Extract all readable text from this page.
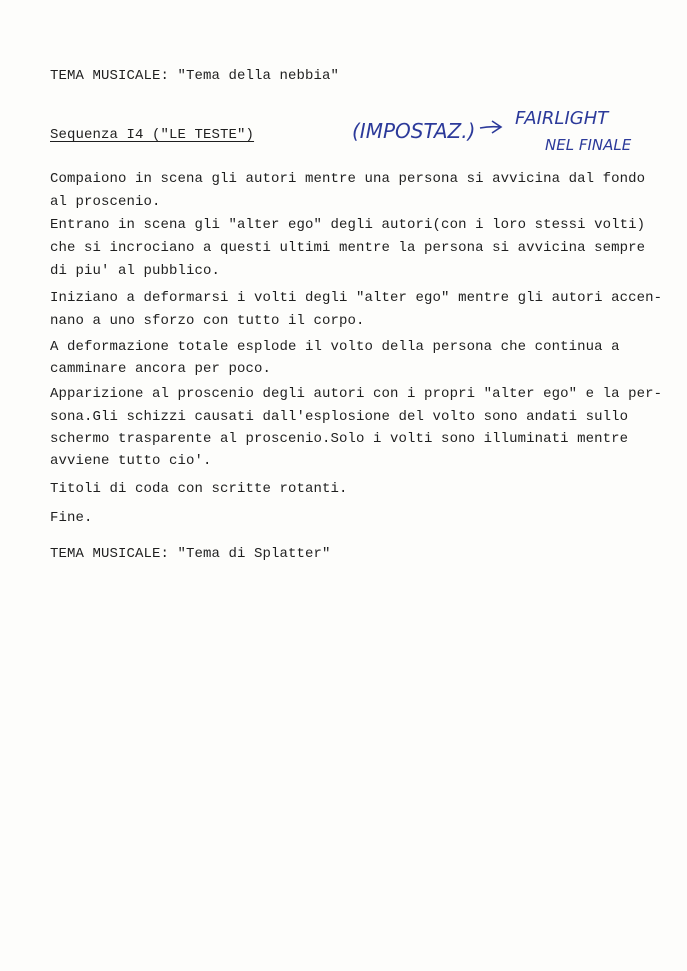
TEMA MUSICALE: "Tema della nebbia"
Sequenza I4 ("LE TESTE")	(IMPOSTAZ.)
FAIRLIGHT
NEL FINALE
Compaiono in scena gli autori mentre una persona si avvicina dal fondo
al proscenio.
Entrano in scena gli "alter ego" degli autori(con i loro stessi volti)
che si incrociano a questi ultimi mentre la persona si avvicina sempre
di piu' al pubblico.
Iniziano a deformarsi i volti degli "alter ego" mentre gli autori accen-
nano a uno sforzo con tutto il corpo.
A deformazione totale esplode il volto della persona che continua a
camminare ancora per poco.
Apparizione al proscenio degli autori con i propri "alter ego" e la per-
sona.Gli schizzi causati dall'esplosione del volto sono andati sullo
schermo trasparente al proscenio.Solo i volti sono illuminati mentre
avviene tutto cio'.
Titoli di coda con scritte rotanti.
Fine.
TEMA MUSICALE: "Tema di Splatter"
